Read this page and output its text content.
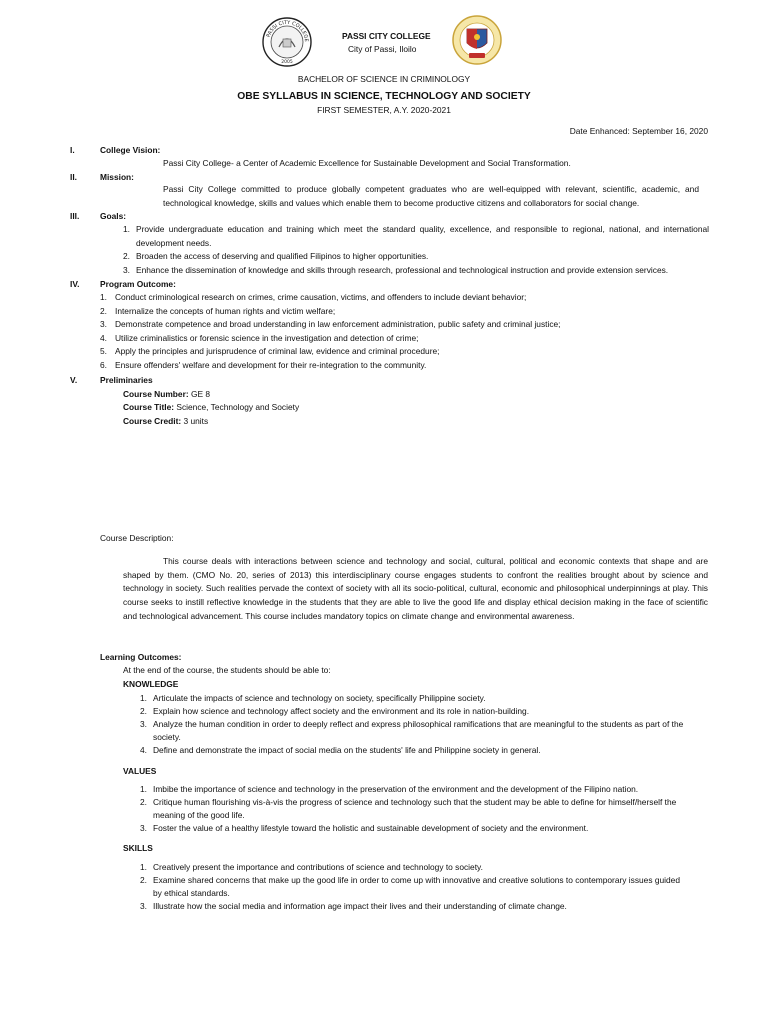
PASSI CITY COLLEGE
2005
PASSI CITY COLLEGE
City of Passi, Iloilo
BACHELOR OF SCIENCE IN CRIMINOLOGY
OBE SYLLABUS IN SCIENCE, TECHNOLOGY AND SOCIETY
FIRST SEMESTER, A.Y. 2020-2021
Date Enhanced: September 16, 2020
I.	College Vision:
Passi City College- a Center of Academic Excellence for Sustainable Development and Social Transformation.
II.	Mission:
Passi City College committed to produce globally competent graduates who are well-equipped with relevant, scientific, academic, and technological knowledge, skills and values which enable them to become productive citizens and collaborators for social change.
III. Goals:
1. Provide undergraduate education and training which meet the standard quality, excellence, and responsible to regional, national, and international development needs.
2. Broaden the access of deserving and qualified Filipinos to higher opportunities.
3. Enhance the dissemination of knowledge and skills through research, professional and technological instruction and provide extension services.
IV. Program Outcome:
1. Conduct criminological research on crimes, crime causation, victims, and offenders to include deviant behavior;
2. Internalize the concepts of human rights and victim welfare;
3. Demonstrate competence and broad understanding in law enforcement administration, public safety and criminal justice;
4. Utilize criminalistics or forensic science in the investigation and detection of crime;
5. Apply the principles and jurisprudence of criminal law, evidence and criminal procedure;
6. Ensure offenders' welfare and development for their re-integration to the community.
V.	Preliminaries
Course Number: GE 8
Course Title: Science, Technology and Society
Course Credit: 3 units
Course Description:
This course deals with interactions between science and technology and social, cultural, political and economic contexts that shape and are shaped by them. (CMO No. 20, series of 2013) this interdisciplinary course engages students to confront the realities brought about by science and technology in society. Such realities pervade the context of society with all its socio-political, cultural, economic and philosophical underpinnings at play. This course seeks to instill reflective knowledge in the students that they are able to live the good life and display ethical decision making in the face of scientific and technological advancement. This course includes mandatory topics on climate change and environmental awareness.
Learning Outcomes:
At the end of the course, the students should be able to:
KNOWLEDGE
1. Articulate the impacts of science and technology on society, specifically Philippine society.
2. Explain how science and technology affect society and the environment and its role in nation-building.
3. Analyze the human condition in order to deeply reflect and express philosophical ramifications that are meaningful to the students as part of the society.
4. Define and demonstrate the impact of social media on the students' life and Philippine society in general.
VALUES
1. Imbibe the importance of science and technology in the preservation of the environment and the development of the Filipino nation.
2. Critique human flourishing vis-à-vis the progress of science and technology such that the student may be able to define for himself/herself the meaning of the good life.
3. Foster the value of a healthy lifestyle toward the holistic and sustainable development of society and the environment.
SKILLS
1. Creatively present the importance and contributions of science and technology to society.
2. Examine shared concerns that make up the good life in order to come up with innovative and creative solutions to contemporary issues guided by ethical standards.
3. Illustrate how the social media and information age impact their lives and their understanding of climate change.
